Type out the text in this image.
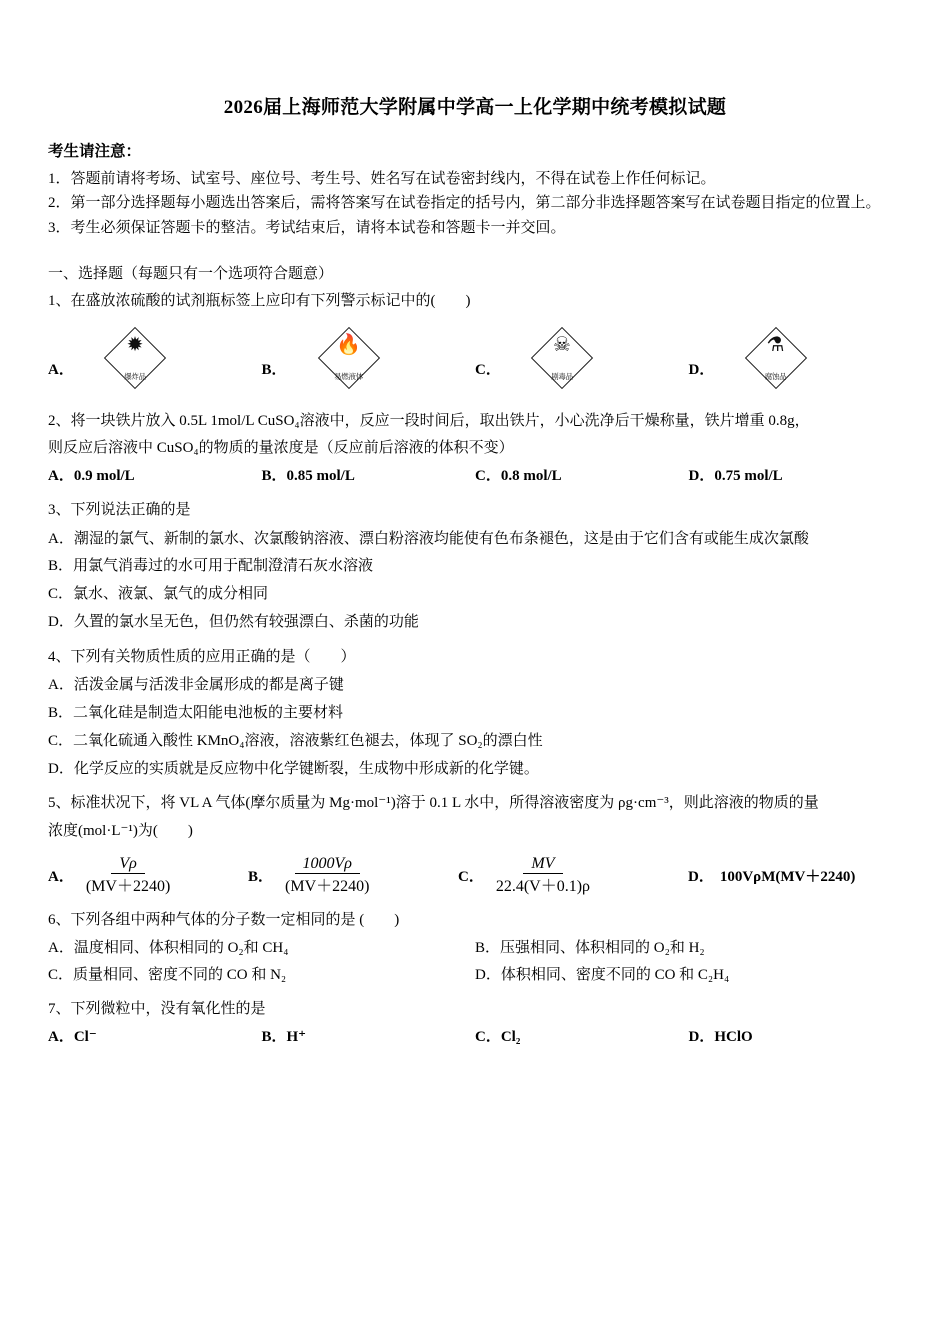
2026届上海师范大学附属中学高一上化学期中统考模拟试题

考生请注意：

1．答题前请将考场、试室号、座位号、考生号、姓名写在试卷密封线内，不得在试卷上作任何标记。

2．第一部分选择题每小题选出答案后，需将答案写在试卷指定的括号内，第二部分非选择题答案写在试卷题目指定的位置上。

3．考生必须保证答题卡的整洁。考试结束后，请将本试卷和答题卡一并交回。

一、选择题（每题只有一个选项符合题意）

1、在盛放浓硫酸的试剂瓶标签上应印有下列警示标记中的(　　)

A．
✹
爆炸品	B．
🔥
易燃液体	C．
☠
剧毒品	D．
⚗
腐蚀品

2、将一块铁片放入 0.5L 1mol/L CuSO₄溶液中，反应一段时间后，取出铁片，小心洗净后干燥称量，铁片增重 0.8g，

则反应后溶液中 CuSO₄的物质的量浓度是（反应前后溶液的体积不变）

A．0.9 mol/L	B．0.85 mol/L	C．0.8 mol/L	D．0.75 mol/L

3、下列说法正确的是

A．潮湿的氯气、新制的氯水、次氯酸钠溶液、漂白粉溶液均能使有色布条褪色，这是由于它们含有或能生成次氯酸

B．用氯气消毒过的水可用于配制澄清石灰水溶液

C．氯水、液氯、氯气的成分相同

D．久置的氯水呈无色，但仍然有较强漂白、杀菌的功能

4、下列有关物质性质的应用正确的是（　　）

A．活泼金属与活泼非金属形成的都是离子键

B．二氧化硅是制造太阳能电池板的主要材料

C．二氧化硫通入酸性 KMnO₄溶液，溶液紫红色褪去，体现了 SO₂的漂白性

D．化学反应的实质就是反应物中化学键断裂，生成物中形成新的化学键。

5、标准状况下，将 VL A 气体(摩尔质量为 Mg·mol⁻¹)溶于 0.1 L 水中，所得溶液密度为 ρg·cm⁻³，则此溶液的物质的量

浓度(mol·L⁻¹)为(　　)

A． $\frac{V\rho}{(MV+2240)}$	B． $\frac{1000V\rho}{(MV+2240)}$	C． $\frac{MV}{22.4(V+0.1)\rho}$	D． 100VρM(MV＋2240)

6、下列各组中两种气体的分子数一定相同的是 (　　)

A．温度相同、体积相同的 O₂和 CH₄	B．压强相同、体积相同的 O₂和 H₂
C．质量相同、密度不同的 CO 和 N₂	D．体积相同、密度不同的 CO 和 C₂H₄

7、下列微粒中，没有氧化性的是

A．Cl⁻	B．H⁺	C．Cl₂	D．HClO
